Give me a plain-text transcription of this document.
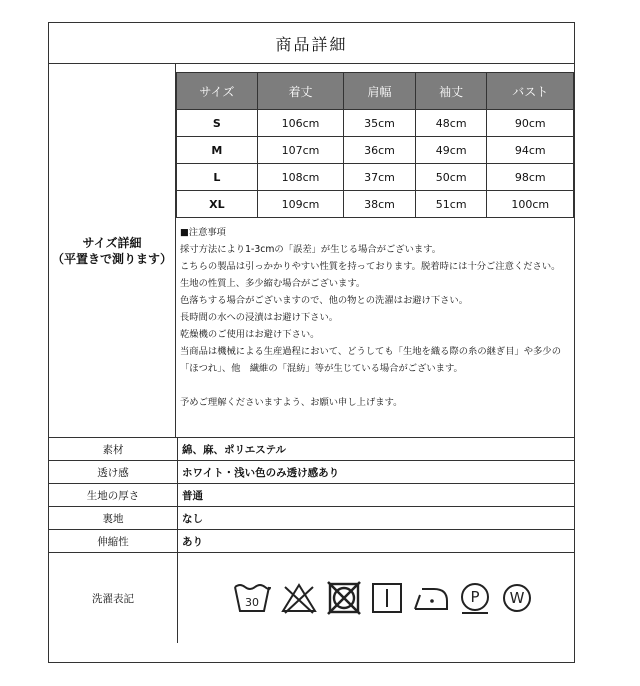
商品詳細
サイズ詳細
（平置きで測ります）
サイズ	着丈	肩幅	袖丈	バスト
S	106cm	35cm	48cm	90cm
M	107cm	36cm	49cm	94cm
L	108cm	37cm	50cm	98cm
XL	109cm	38cm	51cm	100cm

■注意事項

採寸方法により1-3cmの「誤差」が生じる場合がございます。

こちらの製品は引っかかりやすい性質を持っております。脱着時には十分ご注意ください。

生地の性質上、多少縮む場合がございます。

色落ちする場合がございますので、他の物との洗濯はお避け下さい。

長時間の水への浸漬はお避け下さい。

乾燥機のご使用はお避け下さい。

当商品は機械による生産過程において、どうしても「生地を織る際の糸の継ぎ目」や多少の「ほつれ」、他　繊維の「混紡」等が生じている場合がございます。

予めご理解くださいますよう、お願い申し上げます。

素材	綿、麻、ポリエステル
透け感	ホワイト・浅い色のみ透け感あり
生地の厚さ	普通
裏地	なし
伸縮性	あり
洗濯表記	30	P W
